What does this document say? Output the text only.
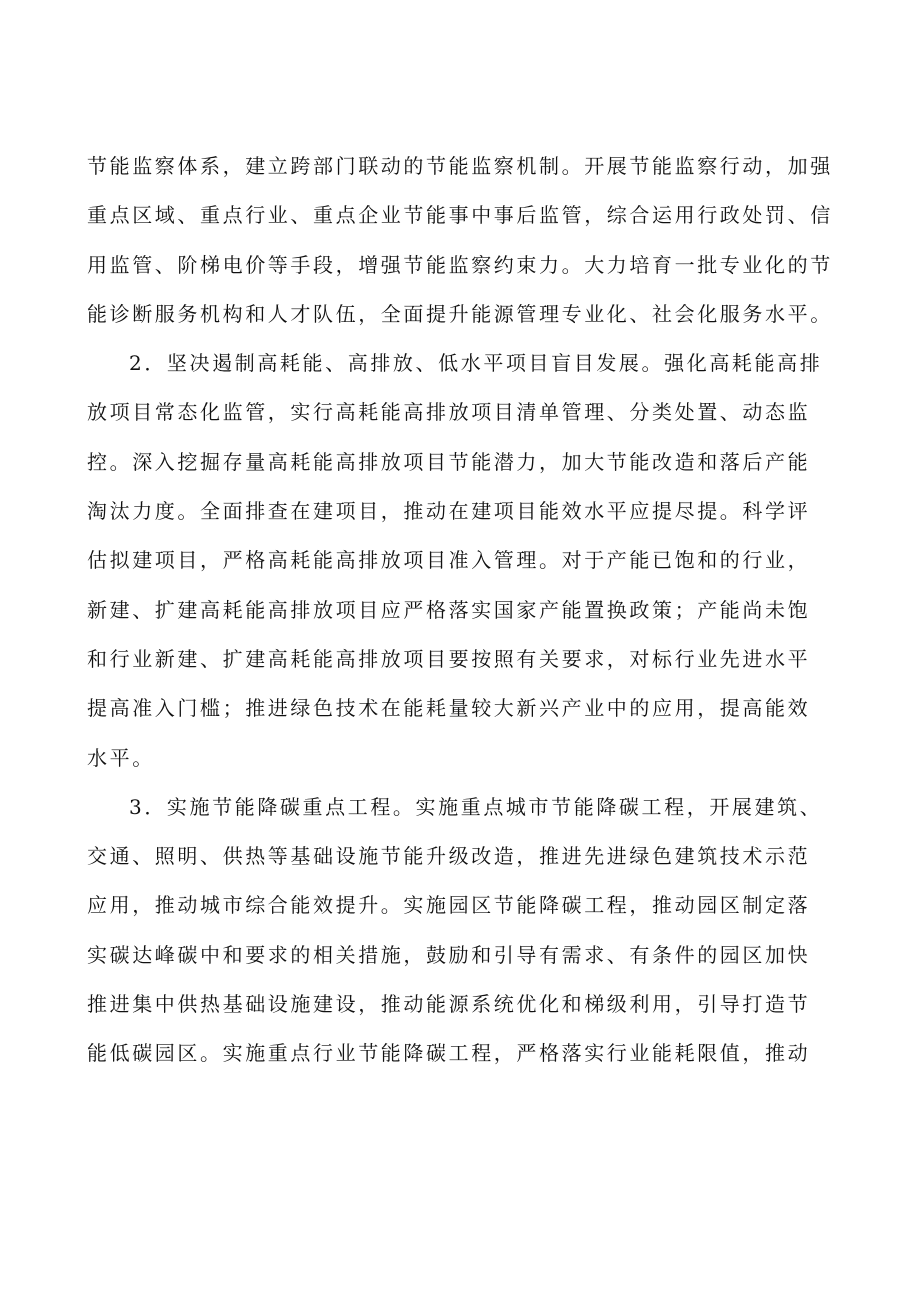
节能监察体系，建立跨部门联动的节能监察机制。开展节能监察行动，加强
重点区域、重点行业、重点企业节能事中事后监管，综合运用行政处罚、信
用监管、阶梯电价等手段，增强节能监察约束力。大力培育一批专业化的节
能诊断服务机构和人才队伍，全面提升能源管理专业化、社会化服务水平。
2．坚决遏制高耗能、高排放、低水平项目盲目发展。强化高耗能高排
放项目常态化监管，实行高耗能高排放项目清单管理、分类处置、动态监
控。深入挖掘存量高耗能高排放项目节能潜力，加大节能改造和落后产能
淘汰力度。全面排查在建项目，推动在建项目能效水平应提尽提。科学评
估拟建项目，严格高耗能高排放项目准入管理。对于产能已饱和的行业，
新建、扩建高耗能高排放项目应严格落实国家产能置换政策；产能尚未饱
和行业新建、扩建高耗能高排放项目要按照有关要求，对标行业先进水平
提高准入门槛；推进绿色技术在能耗量较大新兴产业中的应用，提高能效
水平。
3．实施节能降碳重点工程。实施重点城市节能降碳工程，开展建筑、
交通、照明、供热等基础设施节能升级改造，推进先进绿色建筑技术示范
应用，推动城市综合能效提升。实施园区节能降碳工程，推动园区制定落
实碳达峰碳中和要求的相关措施，鼓励和引导有需求、有条件的园区加快
推进集中供热基础设施建设，推动能源系统优化和梯级利用，引导打造节
能低碳园区。实施重点行业节能降碳工程，严格落实行业能耗限值，推动
